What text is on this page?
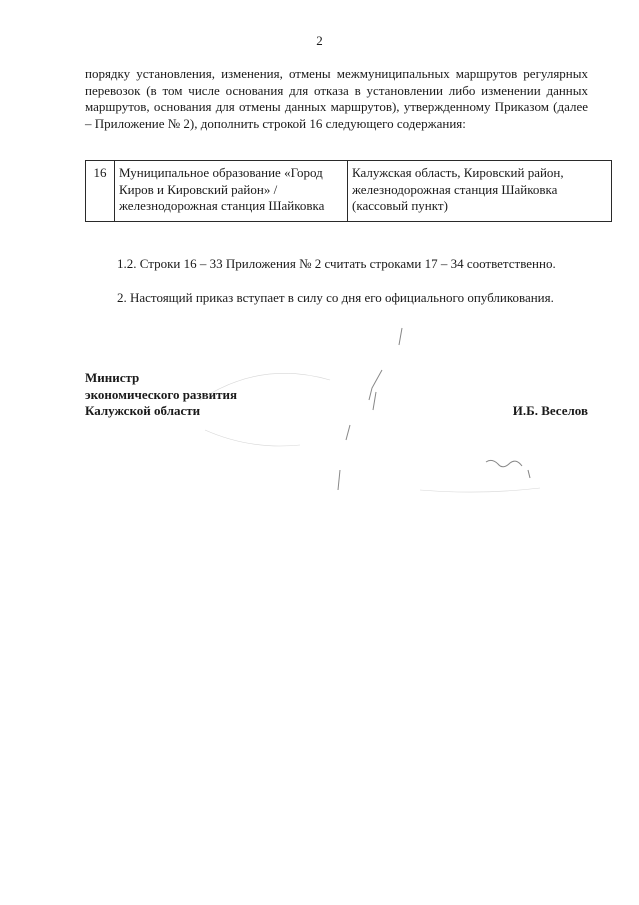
2

порядку установления, изменения, отмены межмуниципальных маршрутов регулярных перевозок (в том числе основания для отказа в установлении либо изменении данных маршрутов, основания для отмены данных маршрутов), утвержденному Приказом (далее – Приложение № 2), дополнить строкой 16 следующего содержания:

16	Муниципальное образование «Город Киров и Кировский район» / железнодорожная станция Шайковка	Калужская область, Кировский район, железнодорожная станция Шайковка (кассовый пункт)

1.2. Строки 16 – 33 Приложения № 2 считать строками 17 – 34 соответственно.

2. Настоящий приказ вступает в силу со дня его официального опубликования.

Министр
экономического развития
Калужской области	И.Б. Веселов
